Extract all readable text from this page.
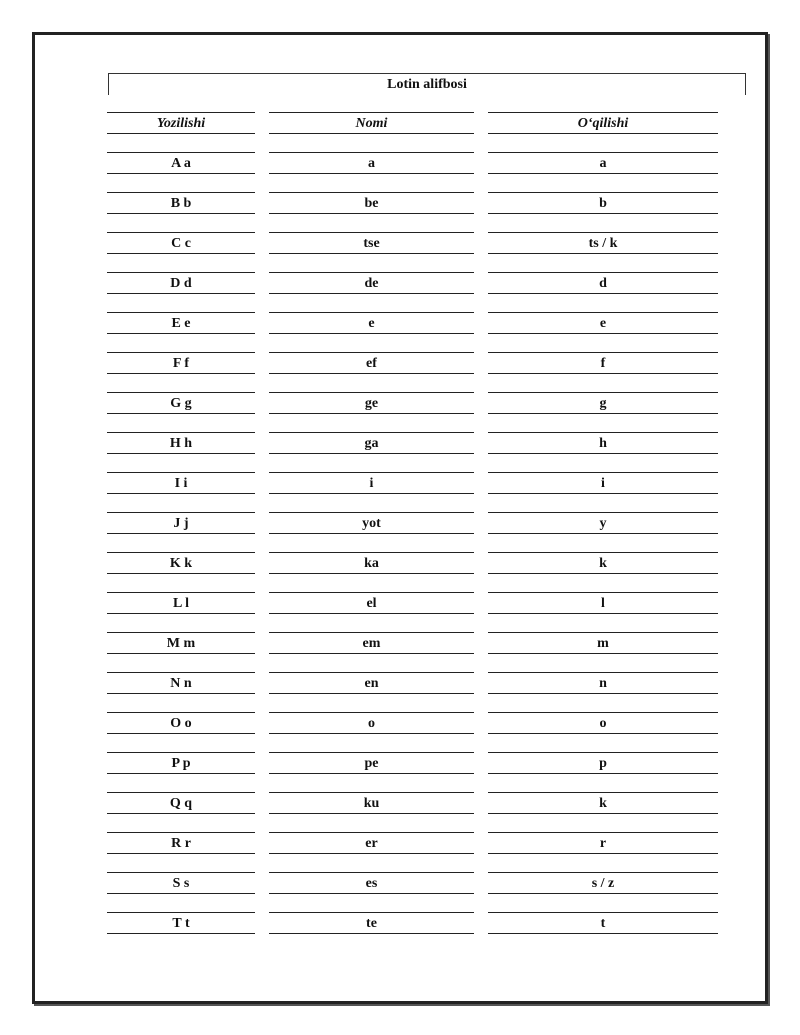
Lotin alifbosi
Yozilishi
A a
B b
C c
D d
E e
F f
G g
H h
I i
J j
K k
L l
M m
N n
O o
P p
Q q
R r
S s
T t
Nomi
a
be
tse
de
e
ef
ge
ga
i
yot
ka
el
em
en
o
pe
ku
er
es
te
O‘qilishi
a
b
ts / k
d
e
f
g
h
i
y
k
l
m
n
o
p
k
r
s / z
t
